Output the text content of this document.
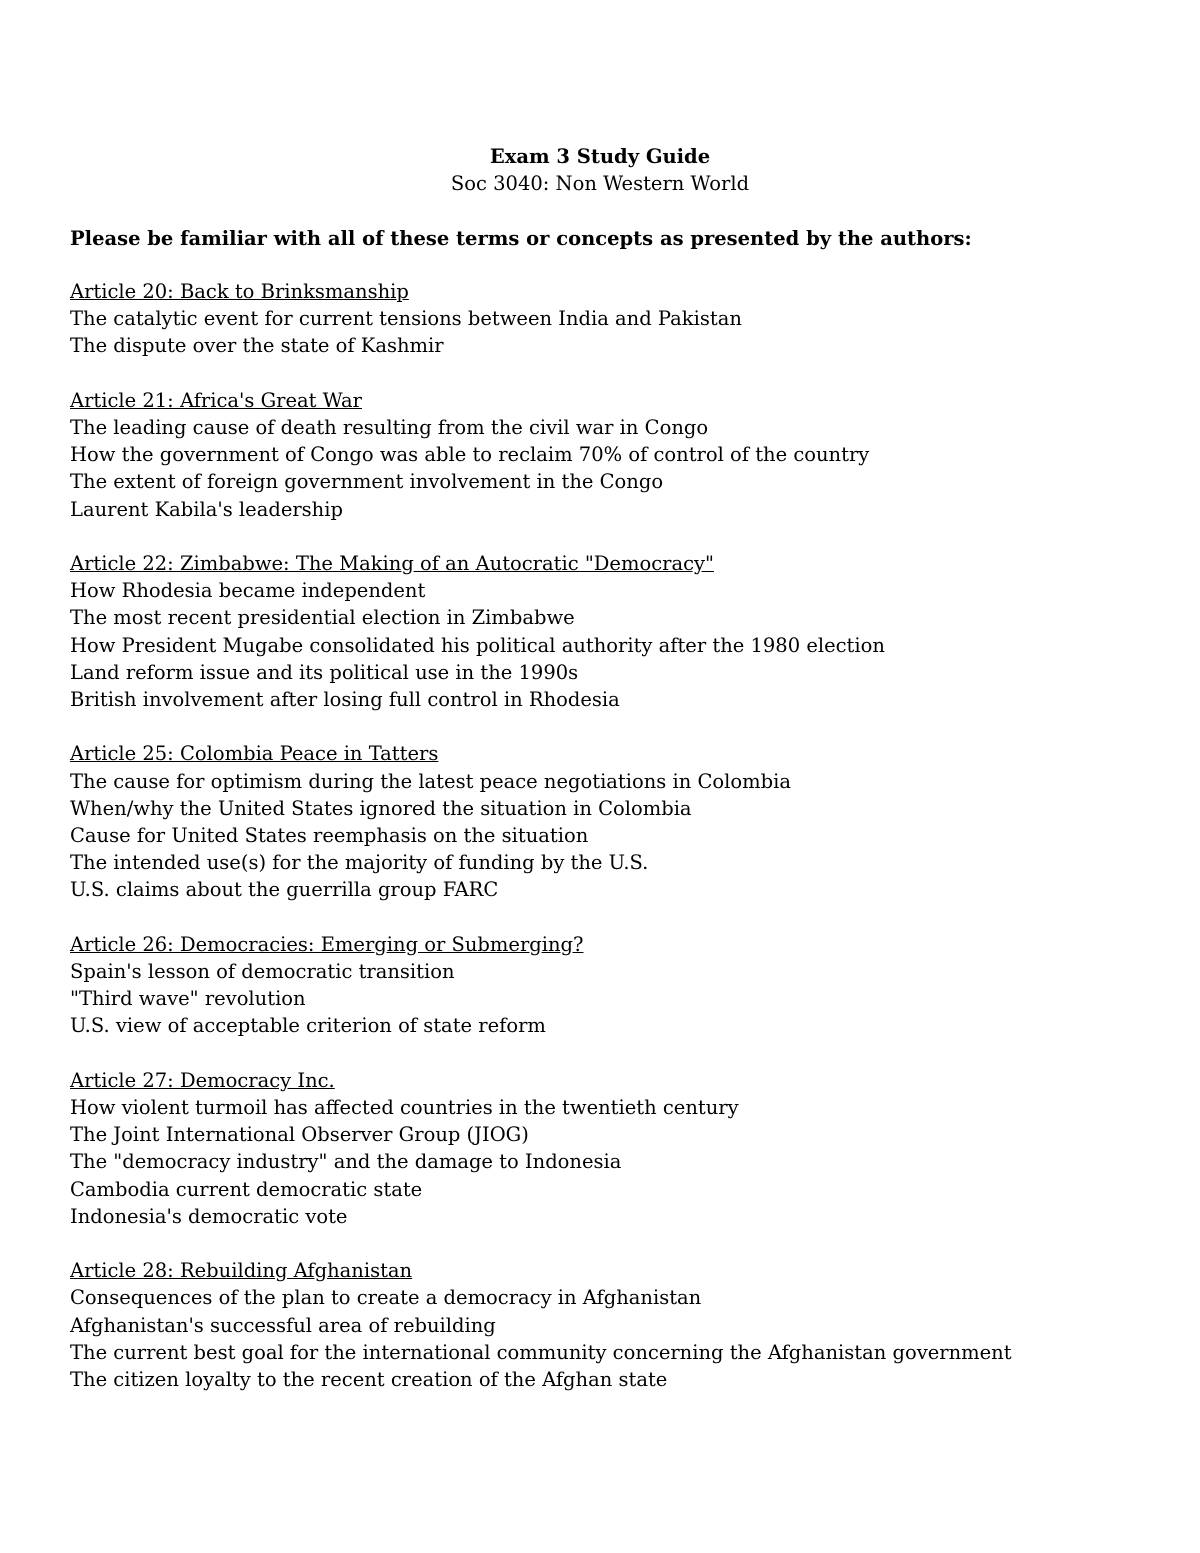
Exam 3 Study Guide
Soc 3040: Non Western World
Please be familiar with all of these terms or concepts as presented by the authors:
Article 20: Back to Brinksmanship
The catalytic event for current tensions between India and Pakistan
The dispute over the state of Kashmir
Article 21: Africa's Great War
The leading cause of death resulting from the civil war in Congo
How the government of Congo was able to reclaim 70% of control of the country
The extent of foreign government involvement in the Congo
Laurent Kabila's leadership
Article 22: Zimbabwe: The Making of an Autocratic "Democracy"
How Rhodesia became independent
The most recent presidential election in Zimbabwe
How President Mugabe consolidated his political authority after the 1980 election
Land reform issue and its political use in the 1990s
British involvement after losing full control in Rhodesia
Article 25: Colombia Peace in Tatters
The cause for optimism during the latest peace negotiations in Colombia
When/why the United States ignored the situation in Colombia
Cause for United States reemphasis on the situation
The intended use(s) for the majority of funding by the U.S.
U.S. claims about the guerrilla group FARC
Article 26: Democracies: Emerging or Submerging?
Spain's lesson of democratic transition
"Third wave" revolution
U.S. view of acceptable criterion of state reform
Article 27: Democracy Inc.
How violent turmoil has affected countries in the twentieth century
The Joint International Observer Group (JIOG)
The "democracy industry" and the damage to Indonesia
Cambodia current democratic state
Indonesia's democratic vote
Article 28: Rebuilding Afghanistan
Consequences of the plan to create a democracy in Afghanistan
Afghanistan's successful area of rebuilding
The current best goal for the international community concerning the Afghanistan government
The citizen loyalty to the recent creation of the Afghan state
